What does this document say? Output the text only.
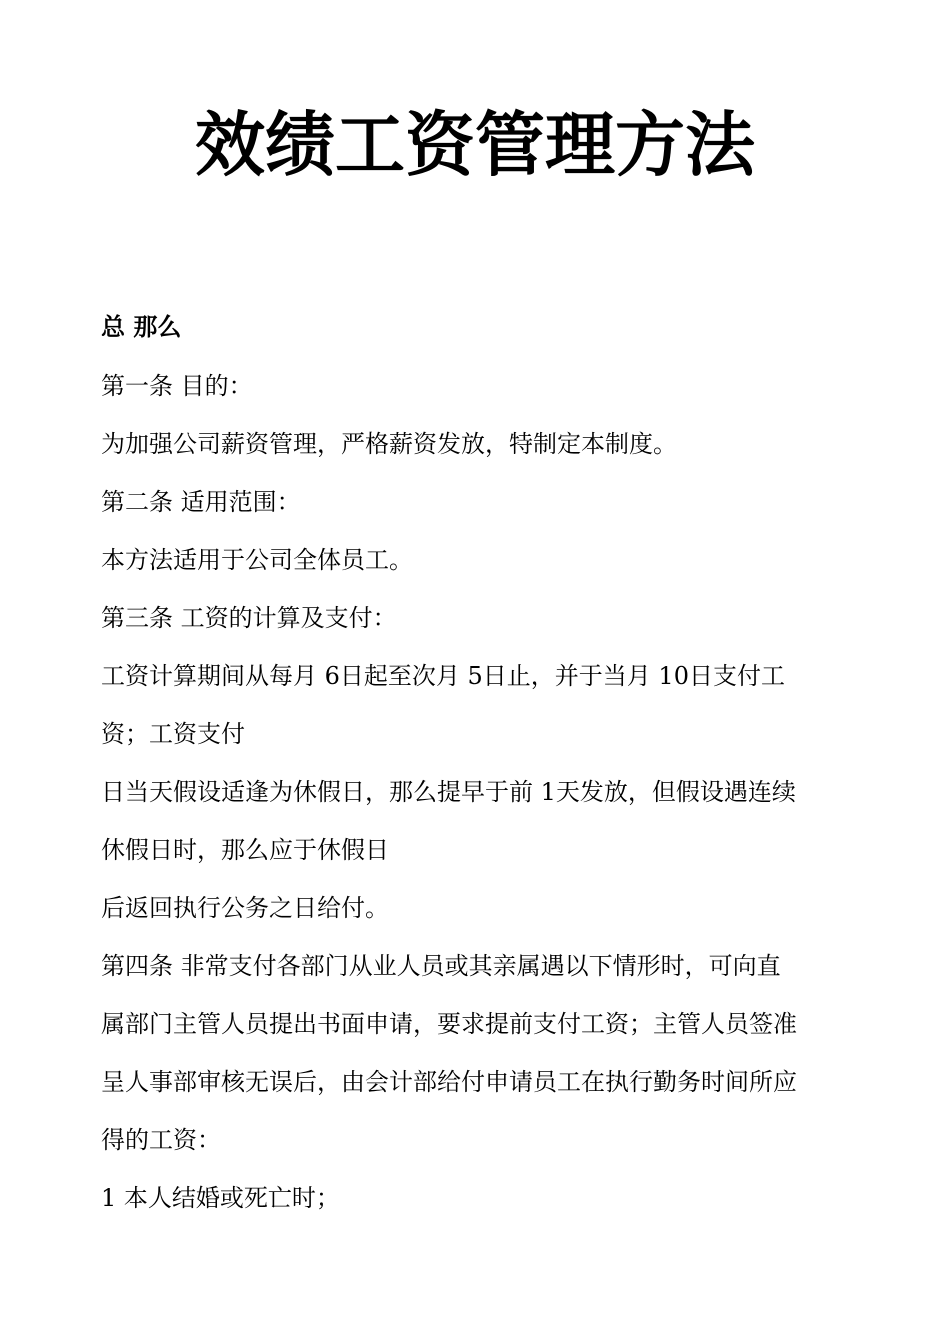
效绩工资管理方法
总 那么
第一条 目的：
为加强公司薪资管理，严格薪资发放，特制定本制度。
第二条 适用范围：
本方法适用于公司全体员工。
第三条 工资的计算及支付：
工资计算期间从每月 6日起至次月 5日止，并于当月 10日支付工
资；工资支付
日当天假设适逢为休假日，那么提早于前 1天发放，但假设遇连续
休假日时，那么应于休假日
后返回执行公务之日给付。
第四条 非常支付各部门从业人员或其亲属遇以下情形时，可向直
属部门主管人员提出书面申请，要求提前支付工资；主管人员签准
呈人事部审核无误后，由会计部给付申请员工在执行勤务时间所应
得的工资：
1 本人结婚或死亡时；
